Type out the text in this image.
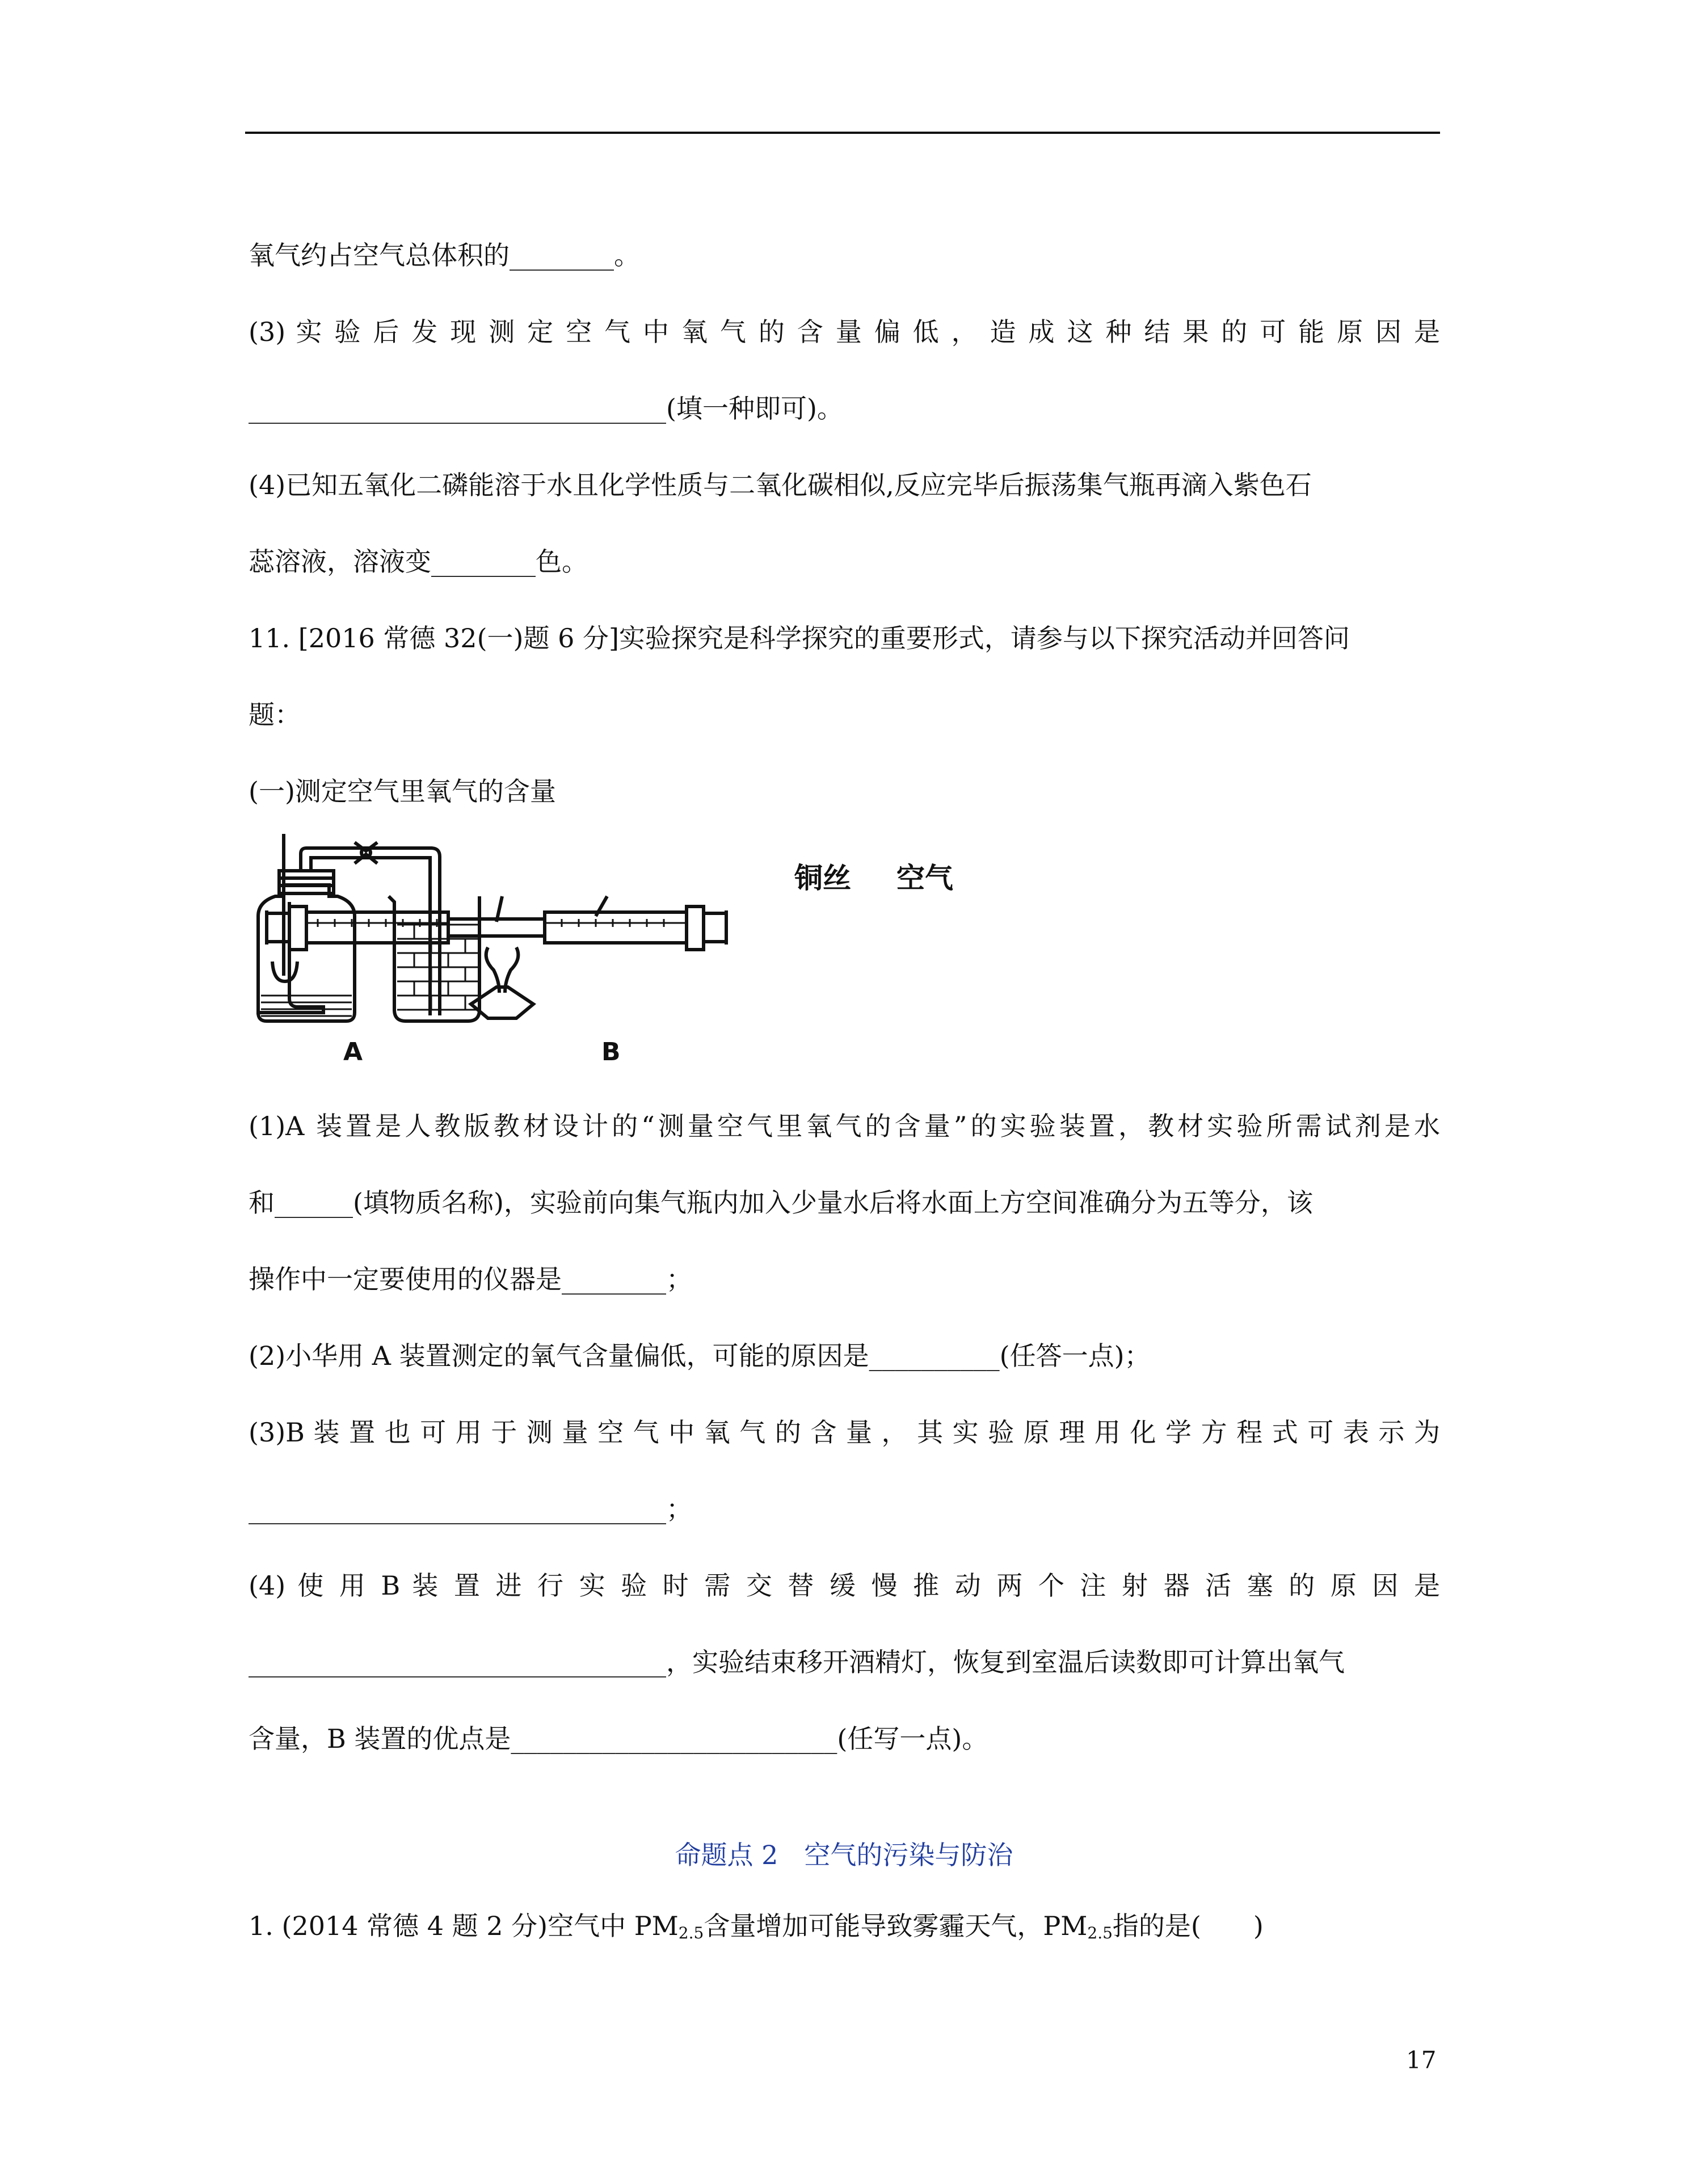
氧气约占空气总体积的________。
(3) 实 验 后 发 现 测 定 空 气 中 氧 气 的 含 量 偏 低 ， 造 成 这 种 结 果 的 可 能 原 因 是
________________________________(填一种即可)。
(4)已知五氧化二磷能溶于水且化学性质与二氧化碳相似,反应完毕后振荡集气瓶再滴入紫色石
蕊溶液，溶液变________色。
11. [2016 常德 32(一)题 6 分]实验探究是科学探究的重要形式，请参与以下探究活动并回答问
题：
(一)测定空气里氧气的含量
A	B
铜丝 空气
(1)A 装置是人教版教材设计的“测量空气里氧气的含量”的实验装置，教材实验所需试剂是水
和______(填物质名称)，实验前向集气瓶内加入少量水后将水面上方空间准确分为五等分，该
操作中一定要使用的仪器是________；
(2)小华用 A 装置测定的氧气含量偏低，可能的原因是__________(任答一点)；
(3)B 装 置 也 可 用 于 测 量 空 气 中 氧 气 的 含 量 ， 其 实 验 原 理 用 化 学 方 程 式 可 表 示 为
________________________________；
(4) 使 用 B 装 置 进 行 实 验 时 需 交 替 缓 慢 推 动 两 个 注 射 器 活 塞 的 原 因 是
________________________________，实验结束移开酒精灯，恢复到室温后读数即可计算出氧气
含量，B 装置的优点是_________________________(任写一点)。
命题点 2　空气的污染与防治
1. (2014 常德 4 题 2 分)空气中 $PM_{2.5}$含量增加可能导致雾霾天气，$PM_{2.5}$指的是(　　)
17
